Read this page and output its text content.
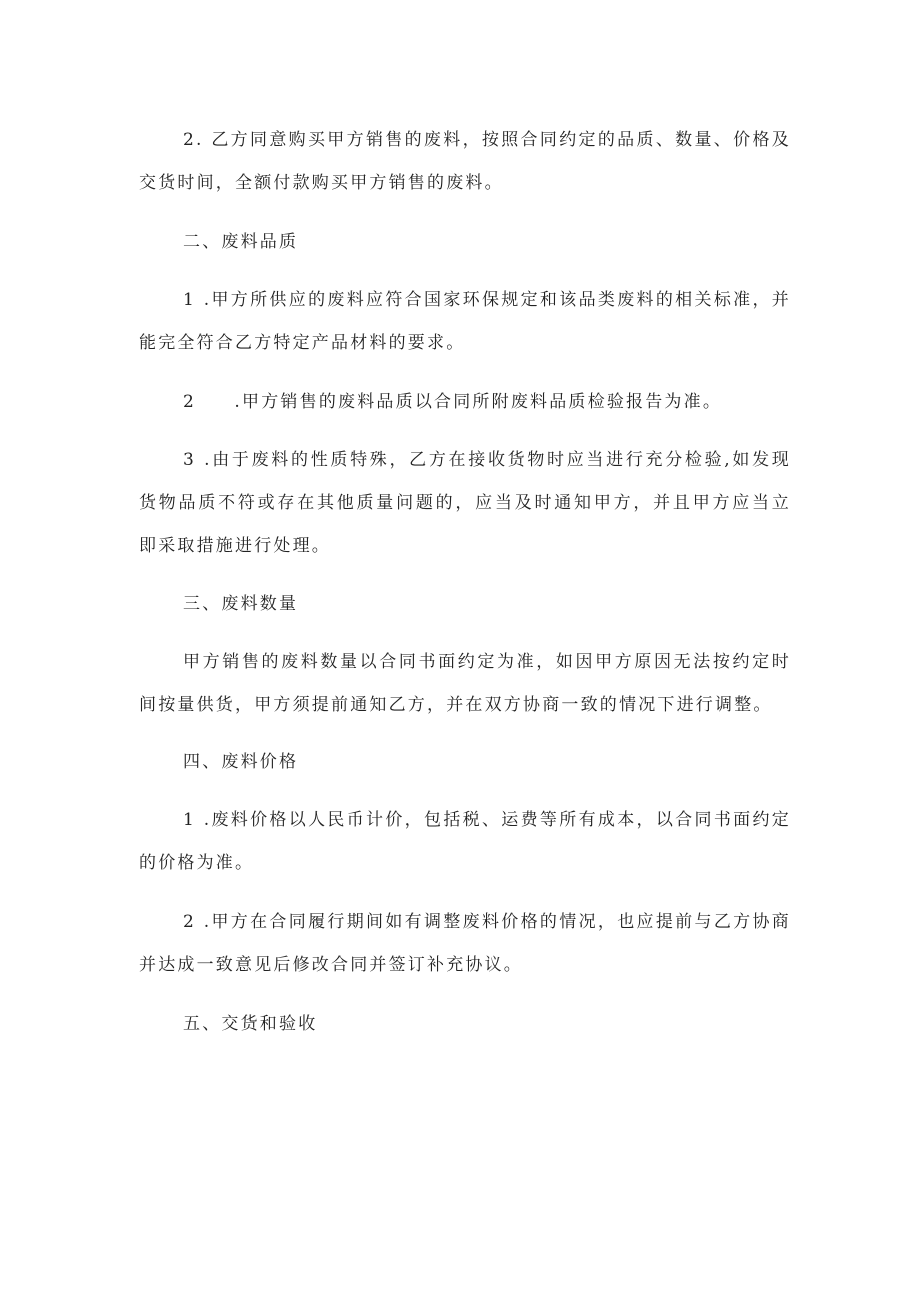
2. 乙方同意购买甲方销售的废料，按照合同约定的品质、数量、价格及交货时间，全额付款购买甲方销售的废料。

二、废料品质

1 .甲方所供应的废料应符合国家环保规定和该品类废料的相关标准，并能完全符合乙方特定产品材料的要求。

2　　.甲方销售的废料品质以合同所附废料品质检验报告为准。

3 .由于废料的性质特殊，乙方在接收货物时应当进行充分检验,如发现货物品质不符或存在其他质量问题的，应当及时通知甲方，并且甲方应当立即采取措施进行处理。

三、废料数量

甲方销售的废料数量以合同书面约定为准，如因甲方原因无法按约定时间按量供货，甲方须提前通知乙方，并在双方协商一致的情况下进行调整。

四、废料价格

1 .废料价格以人民币计价，包括税、运费等所有成本，以合同书面约定的价格为准。

2 .甲方在合同履行期间如有调整废料价格的情况，也应提前与乙方协商并达成一致意见后修改合同并签订补充协议。

五、交货和验收
